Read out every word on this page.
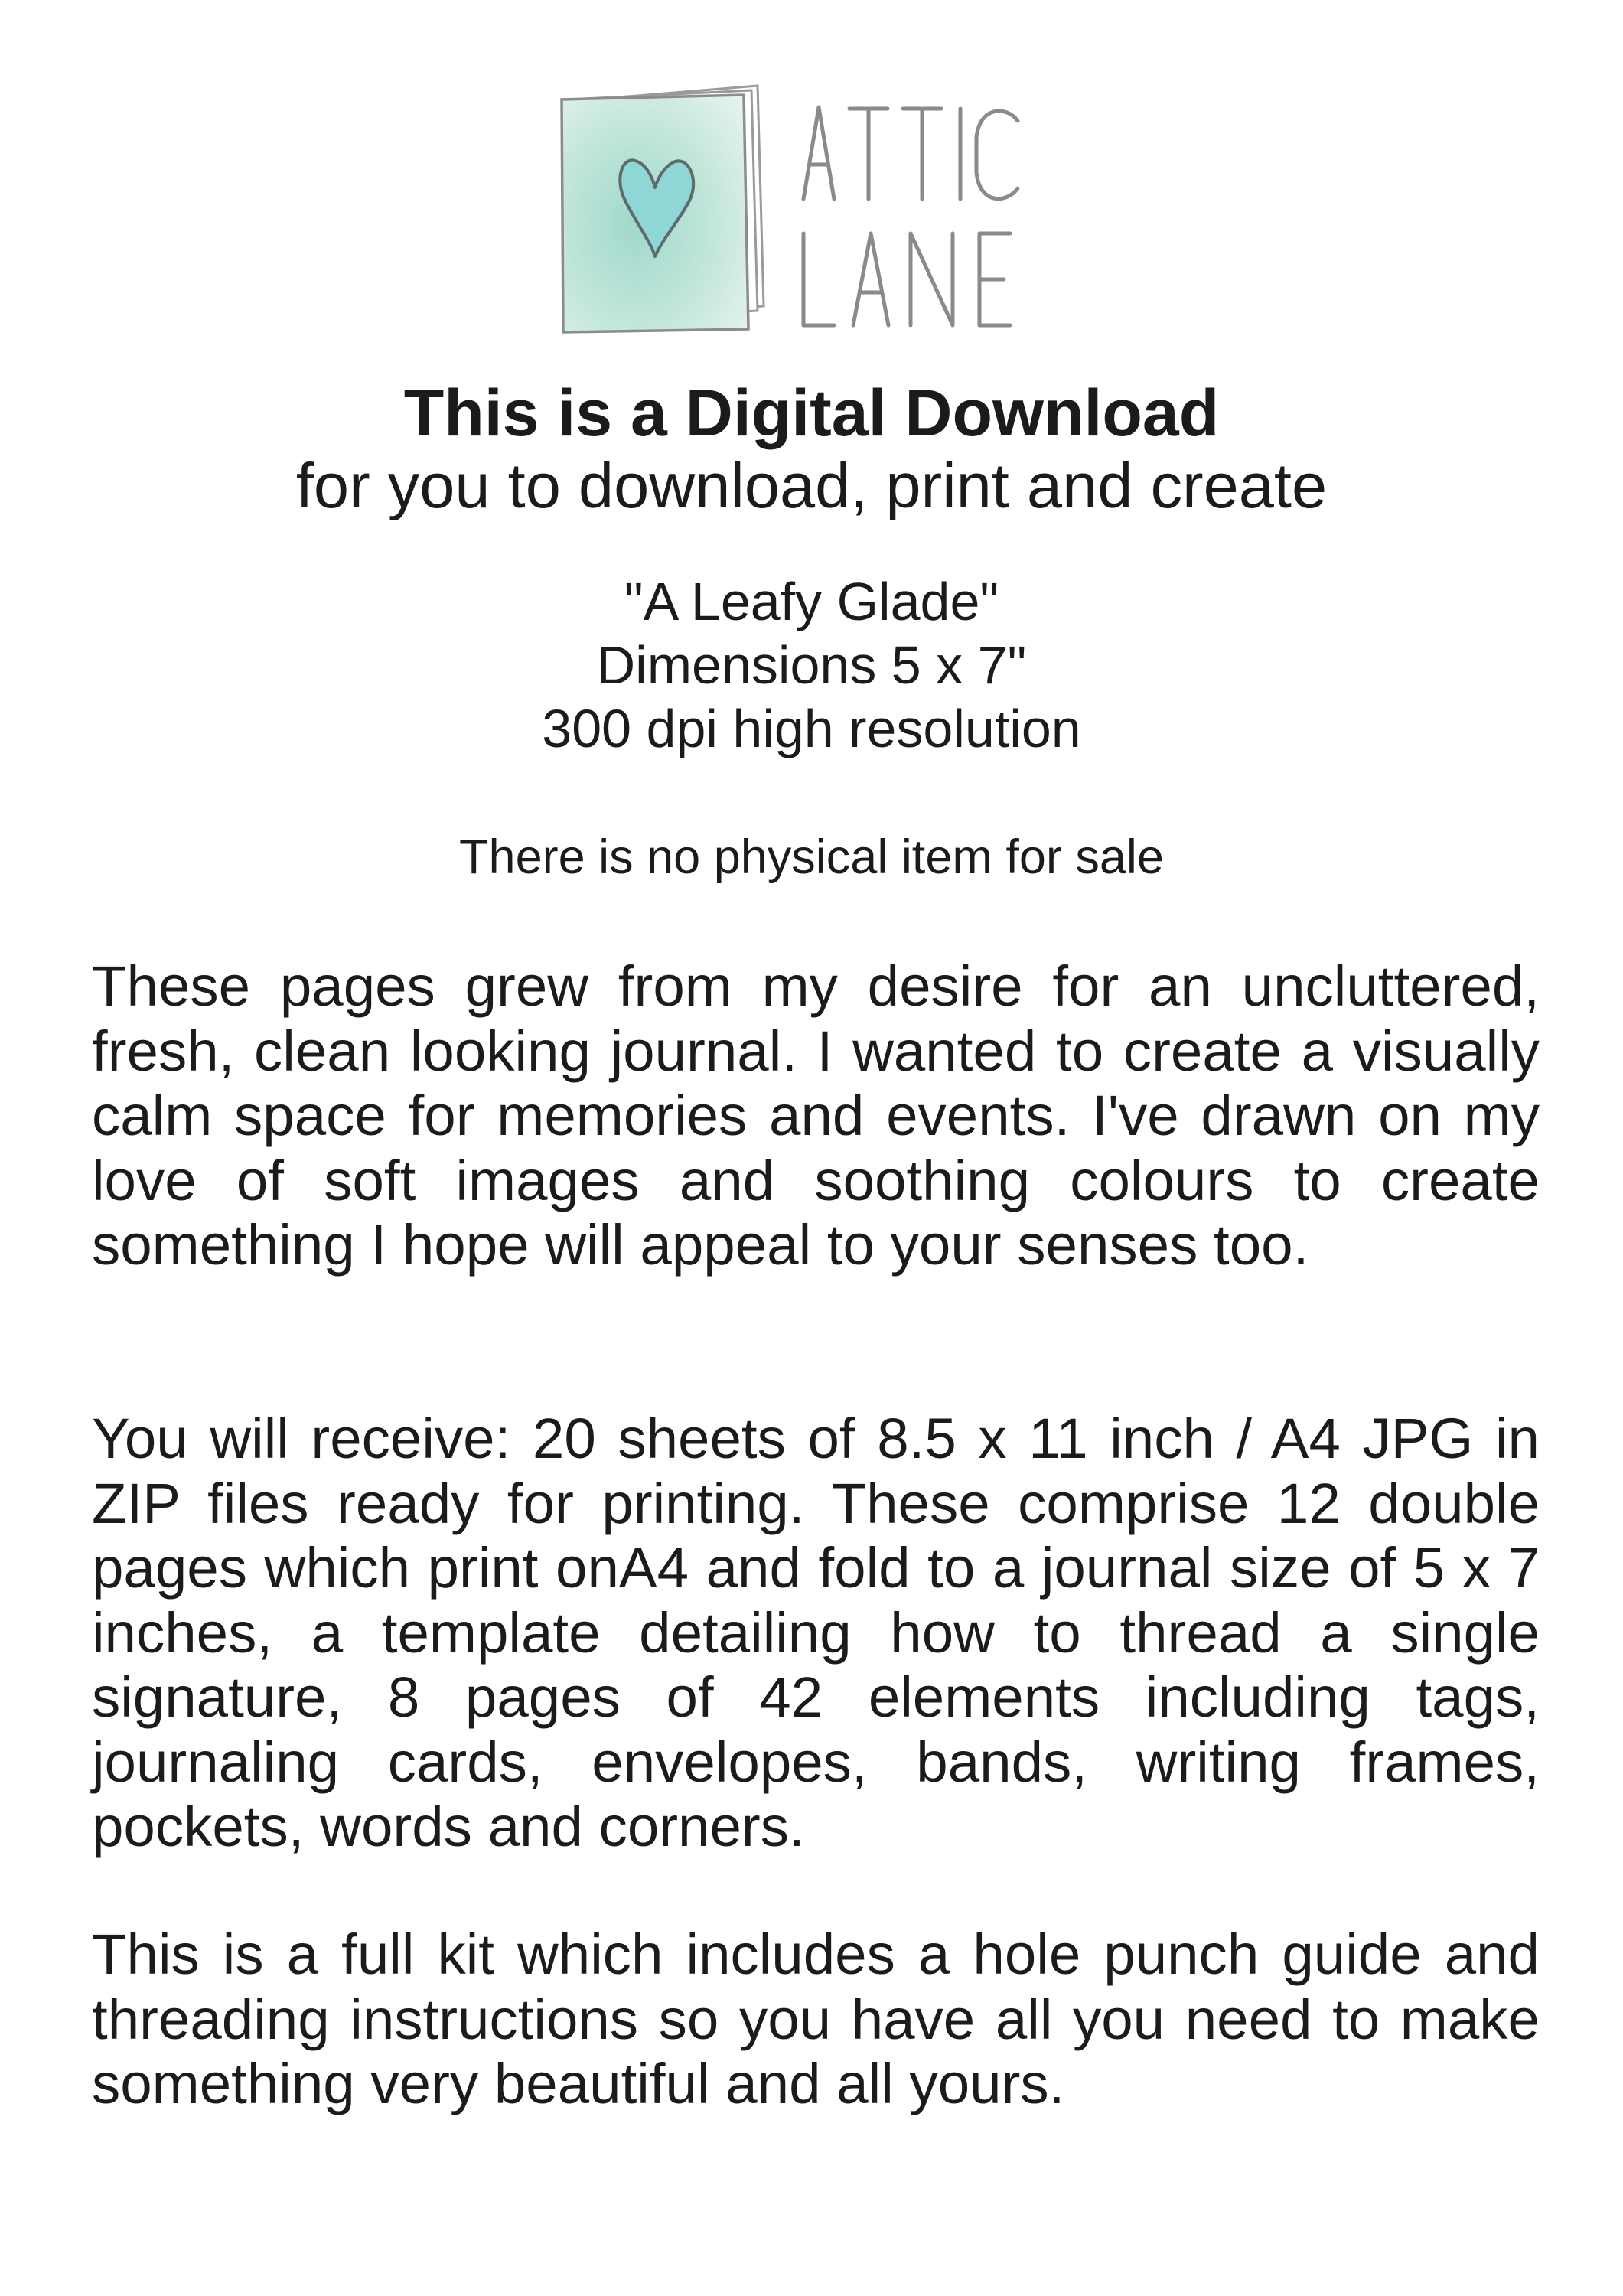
This is a Digital Download
for you to download, print and create
"A Leafy Glade"
Dimensions 5 x 7"
300 dpi high resolution
There is no physical item for sale

These pages grew from my desire for an uncluttered, fresh, clean looking journal. I wanted to create a visually calm space for memories and events. I've drawn on my love of soft images and soothing colours to create something I hope will appeal to your senses too.

You will receive: 20 sheets of 8.5 x 11 inch / A4 JPG in ZIP files ready for printing. These comprise 12 double pages which print onA4 and fold to a journal size of 5 x 7 inches, a template detailing how to thread a single signature, 8 pages of 42 elements including tags, journaling cards, envelopes, bands, writing frames, pockets, words and corners.

This is a full kit which includes a hole punch guide and threading instructions so you have all you need to make something very beautiful and all yours.
